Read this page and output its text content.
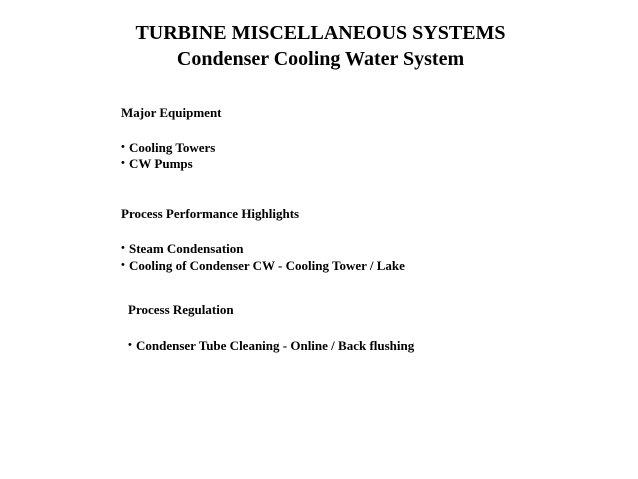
TURBINE MISCELLANEOUS SYSTEMS
Condenser Cooling Water System
Major Equipment
• Cooling Towers
• CW Pumps
Process Performance Highlights
• Steam Condensation
• Cooling of Condenser CW - Cooling Tower / Lake
Process Regulation
• Condenser Tube Cleaning - Online / Back flushing
